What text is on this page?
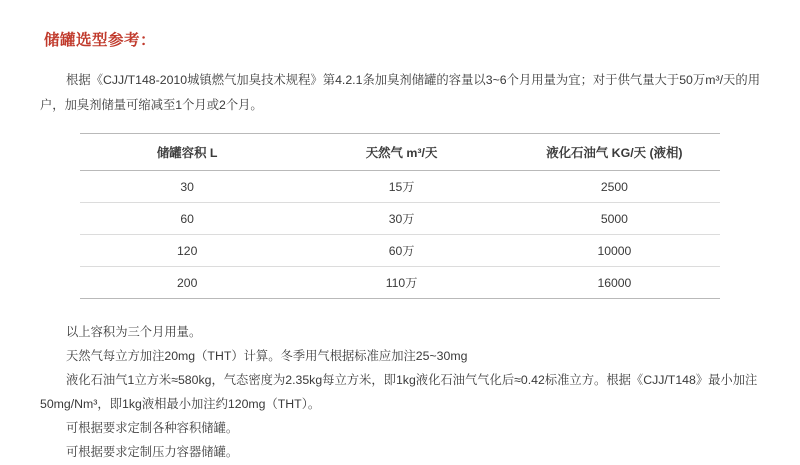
储罐选型参考：

根据《CJJ/T148-2010城镇燃气加臭技术规程》第4.2.1条加臭剂储罐的容量以3~6个月用量为宜；对于供气量大于50万m³/天的用户，加臭剂储量可缩减至1个月或2个月。

储罐容积 L	天然气 m³/天	液化石油气 KG/天 (液相)
30	15万	2500
60	30万	5000
120	60万	10000
200	110万	16000
以上容积为三个月用量。
天然气每立方加注20mg（THT）计算。冬季用气根据标准应加注25~30mg
液化石油气1立方米≈580kg，气态密度为2.35kg每立方米，即1kg液化石油气气化后≈0.42标准立方。根据《CJJ/T148》最小加注50mg/Nm³，即1kg液相最小加注约120mg（THT）。
可根据要求定制各种容积储罐。
可根据要求定制压力容器储罐。
